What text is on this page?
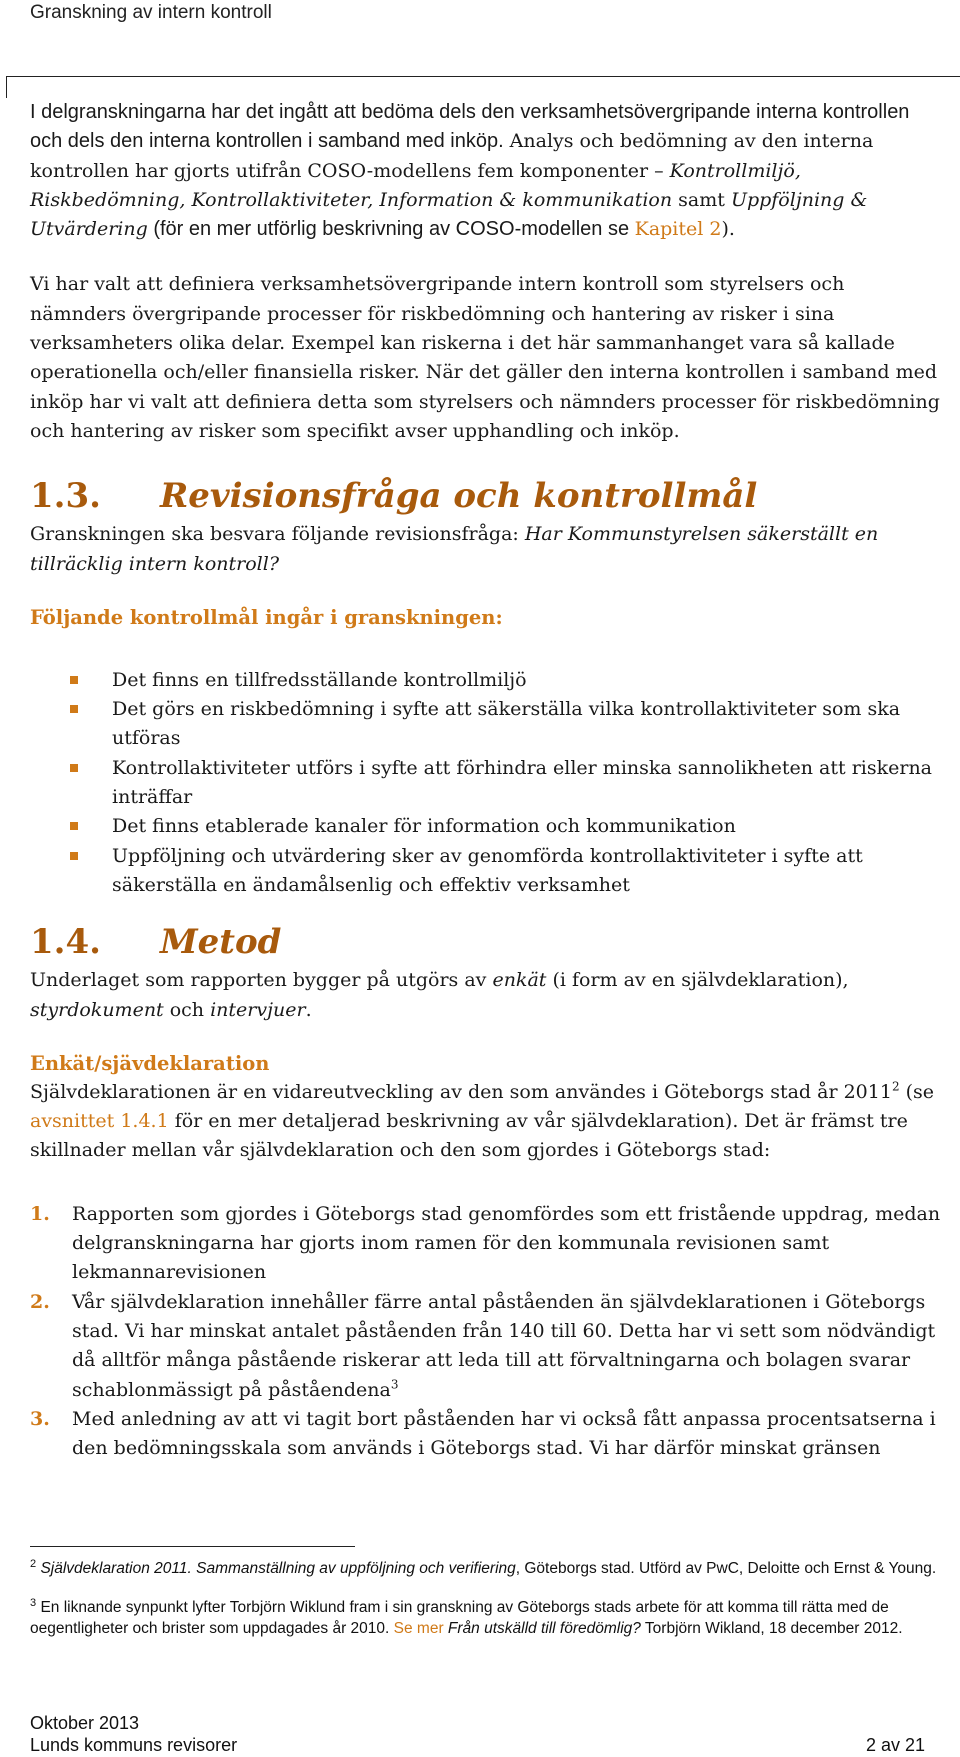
Granskning av intern kontroll

I delgranskningarna har det ingått att bedöma dels den verksamhetsövergripande interna kontrollen och dels den interna kontrollen i samband med inköp. Analys och bedömning av den interna kontrollen har gjorts utifrån COSO-modellens fem komponenter – Kontrollmiljö, Riskbedömning, Kontrollaktiviteter, Information & kommunikation samt Uppföljning & Utvärdering (för en mer utförlig beskrivning av COSO-modellen se Kapitel 2).

Vi har valt att definiera verksamhetsövergripande intern kontroll som styrelsers och nämnders övergripande processer för riskbedömning och hantering av risker i sina verksamheters olika delar. Exempel kan riskerna i det här sammanhanget vara så kallade operationella och/eller finansiella risker. När det gäller den interna kontrollen i samband med inköp har vi valt att definiera detta som styrelsers och nämnders processer för riskbedömning och hantering av risker som specifikt avser upphandling och inköp.

1.3.	Revisionsfråga och kontrollmål

Granskningen ska besvara följande revisionsfråga: Har Kommunstyrelsen säkerställt en tillräcklig intern kontroll?

Följande kontrollmål ingår i granskningen:

Det finns en tillfredsställande kontrollmiljö
Det görs en riskbedömning i syfte att säkerställa vilka kontrollaktiviteter som ska utföras
Kontrollaktiviteter utförs i syfte att förhindra eller minska sannolikheten att riskerna inträffar
Det finns etablerade kanaler för information och kommunikation
Uppföljning och utvärdering sker av genomförda kontrollaktiviteter i syfte att säkerställa en ändamålsenlig och effektiv verksamhet
1.4.	Metod

Underlaget som rapporten bygger på utgörs av enkät (i form av en självdeklaration), styrdokument och intervjuer.

Enkät/sjävdeklaration

Självdeklarationen är en vidareutveckling av den som användes i Göteborgs stad år 2011$^2$ (se avsnittet 1.4.1 för en mer detaljerad beskrivning av vår självdeklaration). Det är främst tre skillnader mellan vår självdeklaration och den som gjordes i Göteborgs stad:

1. Rapporten som gjordes i Göteborgs stad genomfördes som ett fristående uppdrag, medan delgranskningarna har gjorts inom ramen för den kommunala revisionen samt lekmannarevisionen
2. Vår självdeklaration innehåller färre antal påståenden än självdeklarationen i Göteborgs stad. Vi har minskat antalet påståenden från 140 till 60. Detta har vi sett som nödvändigt då alltför många påstående riskerar att leda till att förvaltningarna och bolagen svarar schablonmässigt på påståendena$^3$
3. Med anledning av att vi tagit bort påståenden har vi också fått anpassa procentsatserna i den bedömningsskala som används i Göteborgs stad. Vi har därför minskat gränsen

$^2$ Självdeklaration 2011. Sammanställning av uppföljning och verifiering, Göteborgs stad. Utförd av PwC, Deloitte och Ernst & Young.

$^3$ En liknande synpunkt lyfter Torbjörn Wiklund fram i sin granskning av Göteborgs stads arbete för att komma till rätta med de oegentligheter och brister som uppdagades år 2010. Se mer Från utskälld till föredömlig? Torbjörn Wikland, 18 december 2012.

Oktober 2013
Lunds kommuns revisorer	2 av 21
